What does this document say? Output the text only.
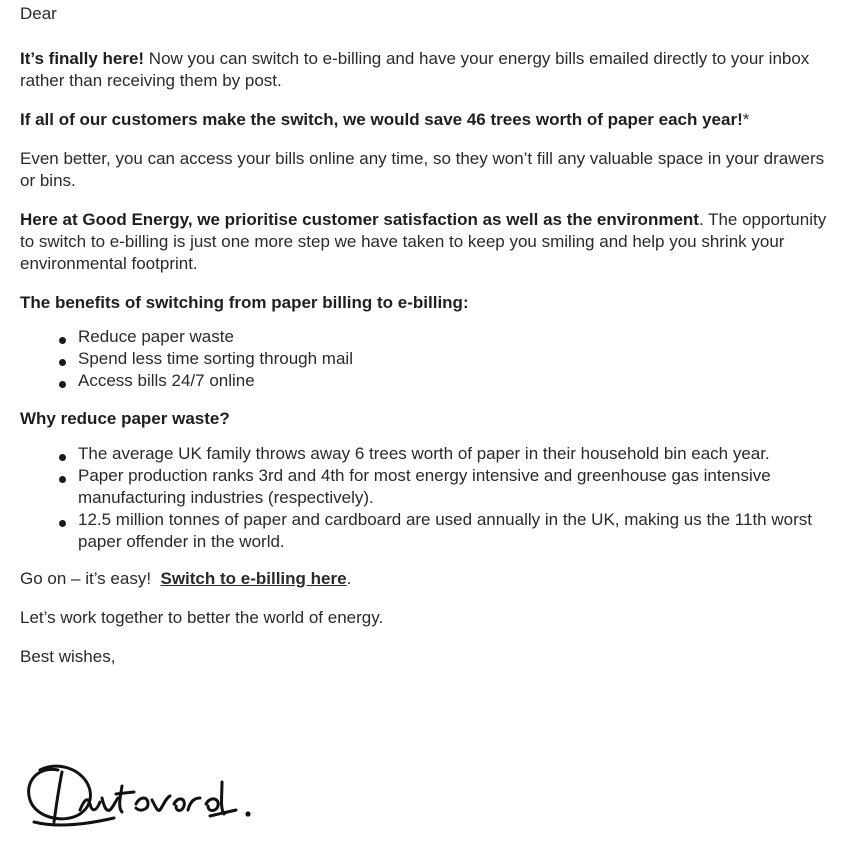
Dear

It’s finally here! Now you can switch to e-billing and have your energy bills emailed directly to your inbox rather than receiving them by post.

If all of our customers make the switch, we would save 46 trees worth of paper each year!*

Even better, you can access your bills online any time, so they won’t fill any valuable space in your drawers or bins.

Here at Good Energy, we prioritise customer satisfaction as well as the environment. The opportunity to switch to e-billing is just one more step we have taken to keep you smiling and help you shrink your environmental footprint.

The benefits of switching from paper billing to e-billing:

Reduce paper waste
Spend less time sorting through mail
Access bills 24/7 online

Why reduce paper waste?

The average UK family throws away 6 trees worth of paper in their household bin each year.
Paper production ranks 3rd and 4th for most energy intensive and greenhouse gas intensive manufacturing industries (respectively).
12.5 million tonnes of paper and cardboard are used annually in the UK, making us the 11th worst paper offender in the world.

Go on – it’s easy!  Switch to e-billing here.

Let’s work together to better the world of energy.

Best wishes,
